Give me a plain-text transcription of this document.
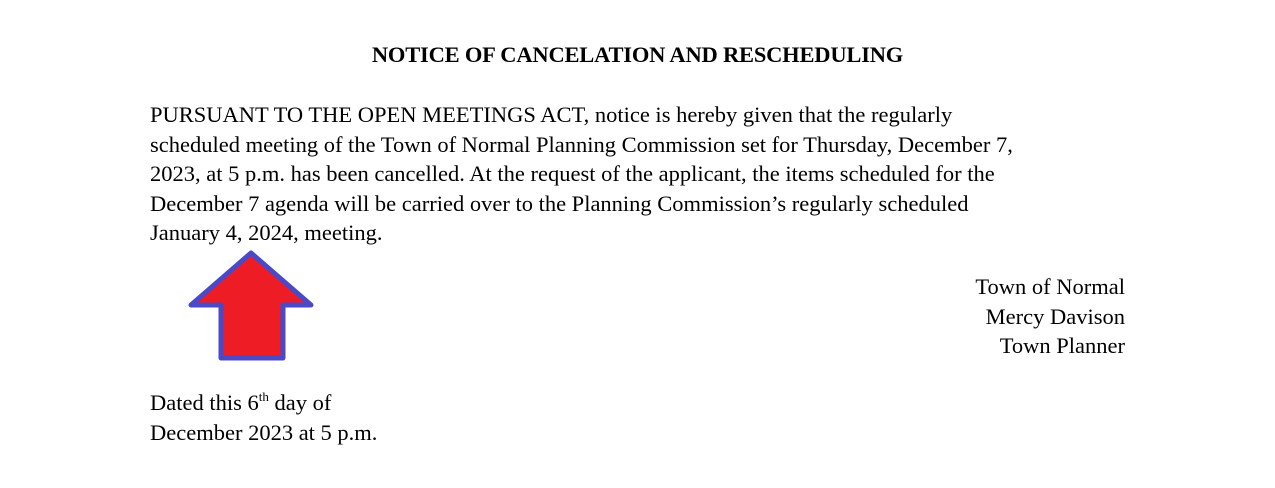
NOTICE OF CANCELATION AND RESCHEDULING
PURSUANT TO THE OPEN MEETINGS ACT, notice is hereby given that the regularly
scheduled meeting of the Town of Normal Planning Commission set for Thursday, December 7,
2023, at 5 p.m. has been cancelled. At the request of the applicant, the items scheduled for the
December 7 agenda will be carried over to the Planning Commission’s regularly scheduled
January 4, 2024, meeting.
Town of Normal
Mercy Davison
Town Planner
Dated this 6th day of
December 2023 at 5 p.m.
